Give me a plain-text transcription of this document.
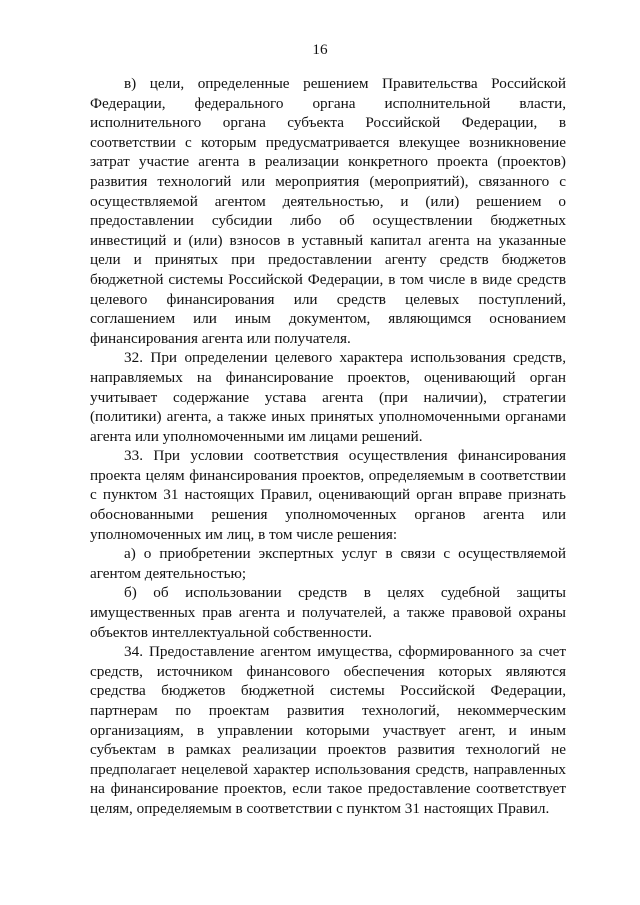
16

в) цели, определенные решением Правительства Российской Федерации, федерального органа исполнительной власти, исполнительного органа субъекта Российской Федерации, в соответствии с которым предусматривается влекущее возникновение затрат участие агента в реализации конкретного проекта (проектов) развития технологий или мероприятия (мероприятий), связанного с осуществляемой агентом деятельностью, и (или) решением о предоставлении субсидии либо об осуществлении бюджетных инвестиций и (или) взносов в уставный капитал агента на указанные цели и принятых при предоставлении агенту средств бюджетов бюджетной системы Российской Федерации, в том числе в виде средств целевого финансирования или средств целевых поступлений, соглашением или иным документом, являющимся основанием финансирования агента или получателя.

32. При определении целевого характера использования средств, направляемых на финансирование проектов, оценивающий орган учитывает содержание устава агента (при наличии), стратегии (политики) агента, а также иных принятых уполномоченными органами агента или уполномоченными им лицами решений.

33. При условии соответствия осуществления финансирования проекта целям финансирования проектов, определяемым в соответствии с пунктом 31 настоящих Правил, оценивающий орган вправе признать обоснованными решения уполномоченных органов агента или уполномоченных им лиц, в том числе решения:

а) о приобретении экспертных услуг в связи с осуществляемой агентом деятельностью;

б) об использовании средств в целях судебной защиты имущественных прав агента и получателей, а также правовой охраны объектов интеллектуальной собственности.

34. Предоставление агентом имущества, сформированного за счет средств, источником финансового обеспечения которых являются средства бюджетов бюджетной системы Российской Федерации, партнерам по проектам развития технологий, некоммерческим организациям, в управлении которыми участвует агент, и иным субъектам в рамках реализации проектов развития технологий не предполагает нецелевой характер использования средств, направленных на финансирование проектов, если такое предоставление соответствует целям, определяемым в соответствии с пунктом 31 настоящих Правил.
